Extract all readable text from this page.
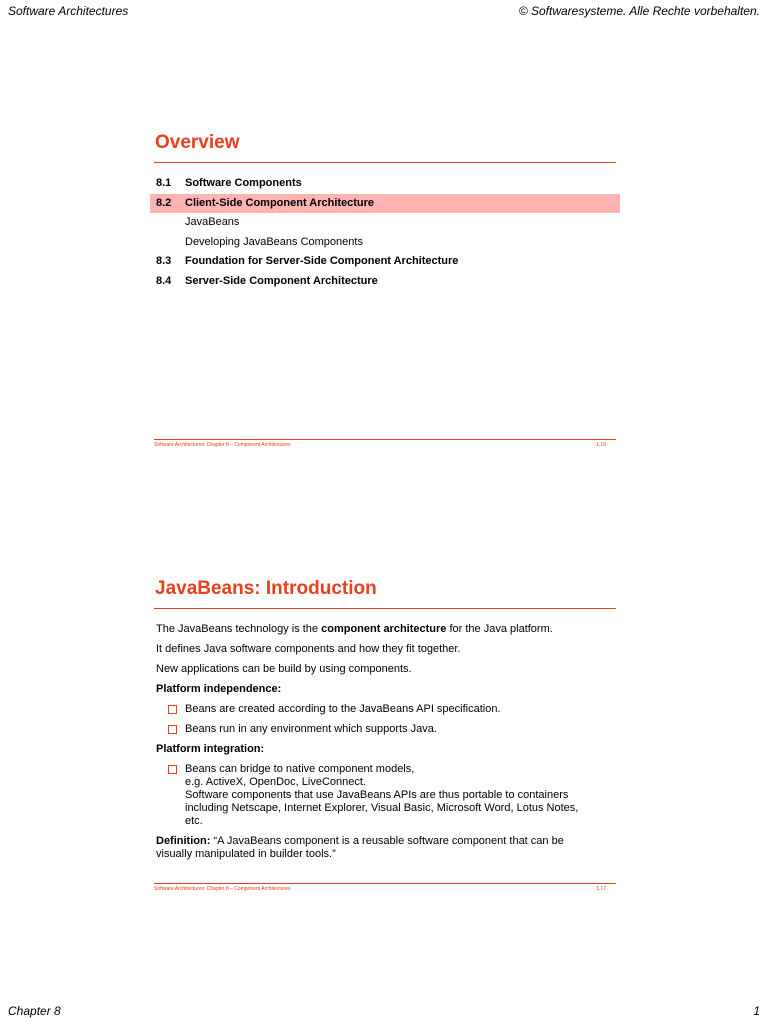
Software Architectures	© Softwaresysteme. Alle Rechte vorbehalten.
Overview
8.1 Software Components
8.2 Client-Side Component Architecture
JavaBeans
Developing JavaBeans Components
8.3 Foundation for Server-Side Component Architecture
8.4 Server-Side Component Architecture
Software Architectures: Chapter 8 – Component Architectures	1.16
JavaBeans: Introduction

The JavaBeans technology is the component architecture for the Java platform.

It defines Java software components and how they fit together.

New applications can be build by using components.

Platform independence:

Beans are created according to the JavaBeans API specification.
Beans run in any environment which supports Java.

Platform integration:

Beans can bridge to native component models,
e.g. ActiveX, OpenDoc, LiveConnect.
Software components that use JavaBeans APIs are thus portable to containers
including Netscape, Internet Explorer, Visual Basic, Microsoft Word, Lotus Notes,
etc.

Definition: “A JavaBeans component is a reusable software component that can be
visually manipulated in builder tools.”

Software Architectures: Chapter 8 – Component Architectures	1.17
Chapter 8	1
